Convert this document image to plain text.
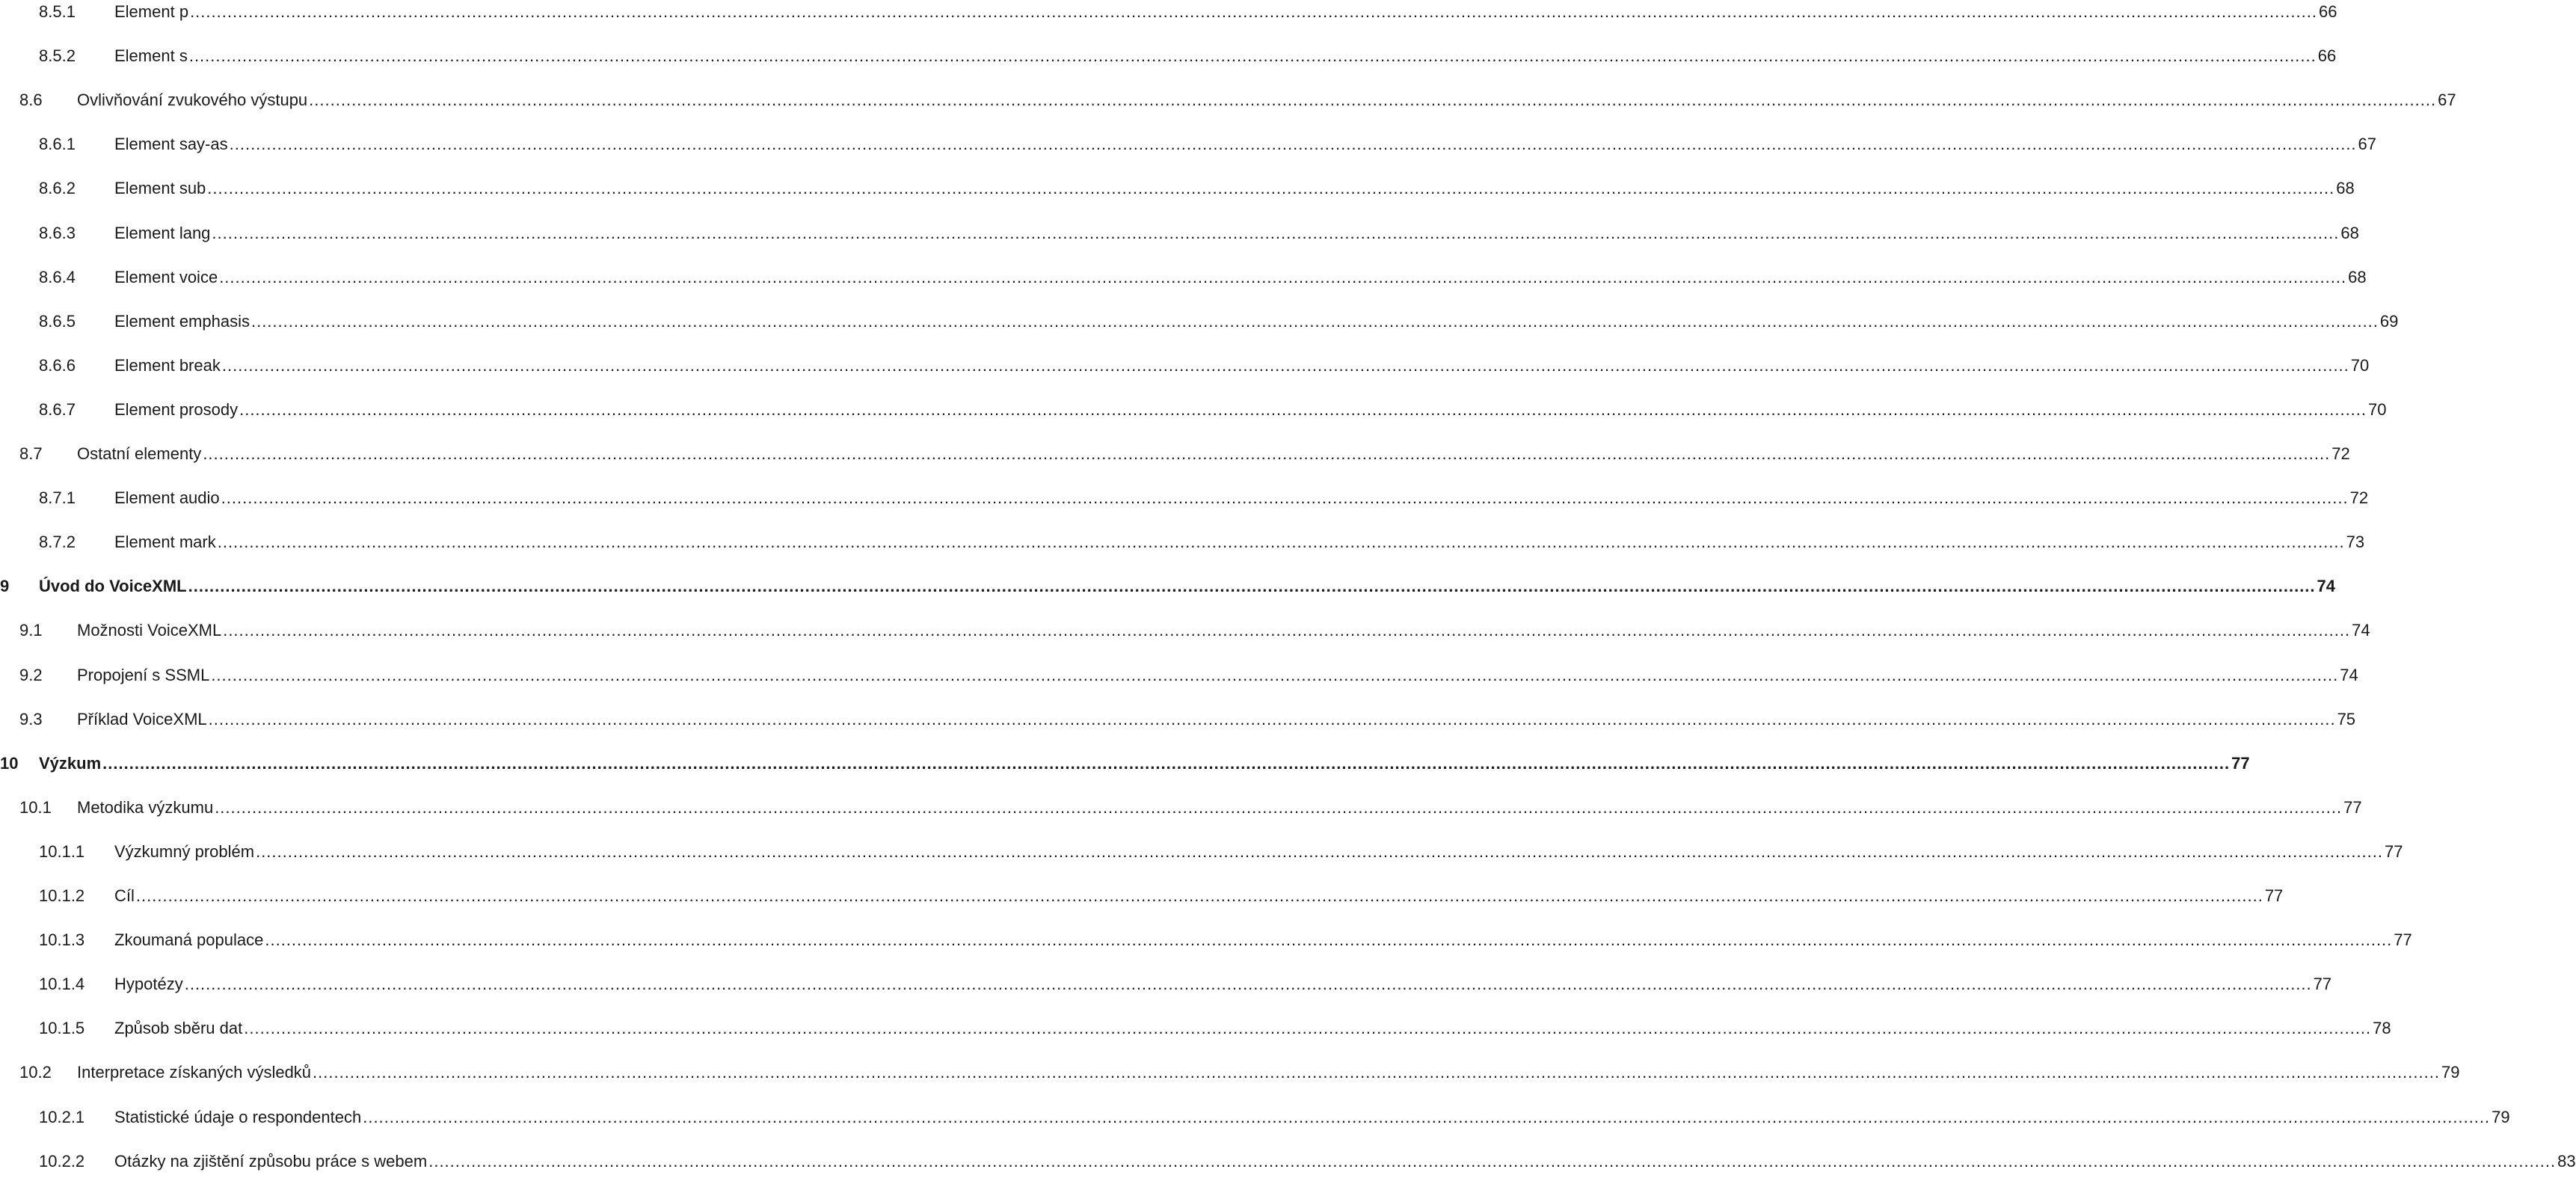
8.5.1 Element p ................................................................................................................................................................................................................................................................................................................................................................................................................ 66
8.5.2 Element s ................................................................................................................................................................................................................................................................................................................................................................................................................ 66
8.6 Ovlivňování zvukového výstupu ................................................................................................................................................................................................................................................................................................................................................................................................................ 67
8.6.1 Element say-as ................................................................................................................................................................................................................................................................................................................................................................................................................ 67
8.6.2 Element sub ................................................................................................................................................................................................................................................................................................................................................................................................................ 68
8.6.3 Element lang ................................................................................................................................................................................................................................................................................................................................................................................................................ 68
8.6.4 Element voice ................................................................................................................................................................................................................................................................................................................................................................................................................ 68
8.6.5 Element emphasis ................................................................................................................................................................................................................................................................................................................................................................................................................ 69
8.6.6 Element break ................................................................................................................................................................................................................................................................................................................................................................................................................ 70
8.6.7 Element prosody ................................................................................................................................................................................................................................................................................................................................................................................................................ 70
8.7 Ostatní elementy ................................................................................................................................................................................................................................................................................................................................................................................................................ 72
8.7.1 Element audio ................................................................................................................................................................................................................................................................................................................................................................................................................ 72
8.7.2 Element mark ................................................................................................................................................................................................................................................................................................................................................................................................................ 73
9 Úvod do VoiceXML ................................................................................................................................................................................................................................................................................................................................................................................................................ 74
9.1 Možnosti VoiceXML ................................................................................................................................................................................................................................................................................................................................................................................................................ 74
9.2 Propojení s SSML ................................................................................................................................................................................................................................................................................................................................................................................................................ 74
9.3 Příklad VoiceXML ................................................................................................................................................................................................................................................................................................................................................................................................................ 75
10 Výzkum ................................................................................................................................................................................................................................................................................................................................................................................................................ 77
10.1 Metodika výzkumu ................................................................................................................................................................................................................................................................................................................................................................................................................ 77
10.1.1 Výzkumný problém ................................................................................................................................................................................................................................................................................................................................................................................................................ 77
10.1.2 Cíl ................................................................................................................................................................................................................................................................................................................................................................................................................ 77
10.1.3 Zkoumaná populace ................................................................................................................................................................................................................................................................................................................................................................................................................ 77
10.1.4 Hypotézy ................................................................................................................................................................................................................................................................................................................................................................................................................ 77
10.1.5 Způsob sběru dat ................................................................................................................................................................................................................................................................................................................................................................................................................ 78
10.2 Interpretace získaných výsledků ................................................................................................................................................................................................................................................................................................................................................................................................................ 79
10.2.1 Statistické údaje o respondentech ................................................................................................................................................................................................................................................................................................................................................................................................................ 79
10.2.2 Otázky na zjištění způsobu práce s webem ................................................................................................................................................................................................................................................................................................................................................................................................................ 83
